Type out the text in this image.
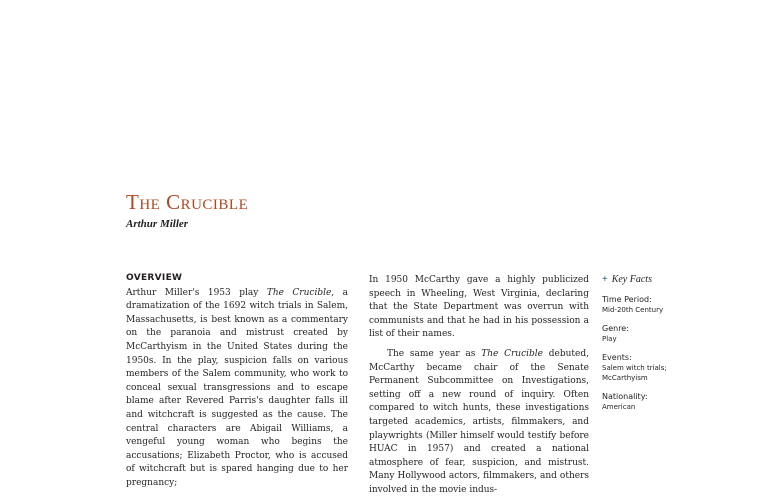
The Crucible
Arthur Miller
OVERVIEW

Arthur Miller's 1953 play The Crucible, a dramatization of the 1692 witch trials in Salem, Massachusetts, is best known as a commentary on the paranoia and mistrust created by McCarthyism in the United States during the 1950s. In the play, suspicion falls on various members of the Salem community, who work to conceal sexual transgressions and to escape blame after Revered Parris's daughter falls ill and witchcraft is suggested as the cause. The central characters are Abigail Williams, a vengeful young woman who begins the accusations; Elizabeth Proctor, who is accused of witchcraft but is spared hanging due to her pregnancy;

In 1950 McCarthy gave a highly publicized speech in Wheeling, West Virginia, declaring that the State Department was overrun with communists and that he had in his possession a list of their names.

The same year as The Crucible debuted, McCarthy became chair of the Senate Permanent Subcommittee on Investigations, setting off a new round of inquiry. Often compared to witch hunts, these investigations targeted academics, artists, filmmakers, and playwrights (Miller himself would testify before HUAC in 1957) and created a national atmosphere of fear, suspicion, and mistrust. Many Hollywood actors, filmmakers, and others involved in the movie indus-

+ Key Facts
Time Period:
Mid-20th Century
Genre:
Play
Events:
Salem witch trials;
McCarthyism
Nationality:
American
